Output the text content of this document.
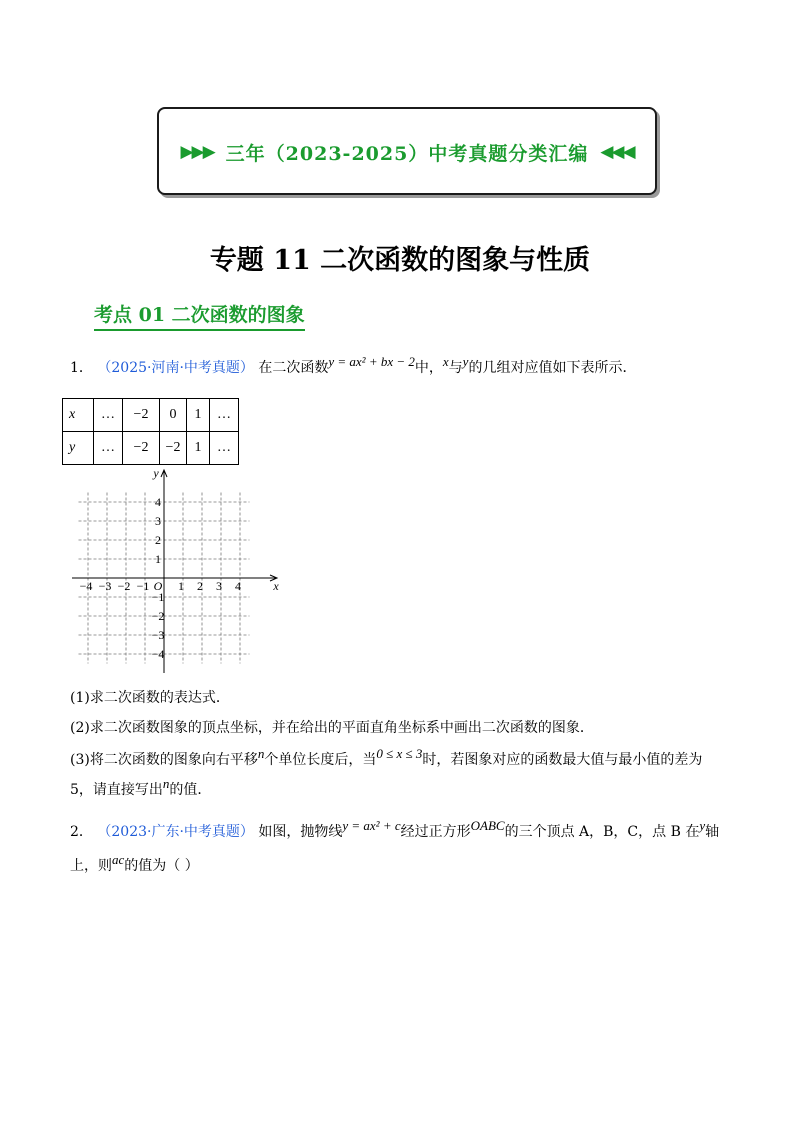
▶▶▶ 三年（2023-2025）中考真题分类汇编 ◀◀◀
专题 11 二次函数的图象与性质
考点 01 二次函数的图象
1． （2025·河南·中考真题） 在二次函数y = ax² + bx − 2中，x与y的几组对应值如下表所示．
x	…	−2	0	1	…
y	…	−2	−2	1	…
x
y
O
−4 −3 −2 −1 1 2 3 4
4
3
2
1
−1
−2
−3
−4
(1)求二次函数的表达式．
(2)求二次函数图象的顶点坐标，并在给出的平面直角坐标系中画出二次函数的图象．
(3)将二次函数的图象向右平移n个单位长度后，当0 ≤ x ≤ 3时，若图象对应的函数最大值与最小值的差为
5，请直接写出n的值．
2． （2023·广东·中考真题） 如图，抛物线y = ax² + c经过正方形OABC的三个顶点 A，B，C，点 B 在y轴
上，则ac的值为（ ）
